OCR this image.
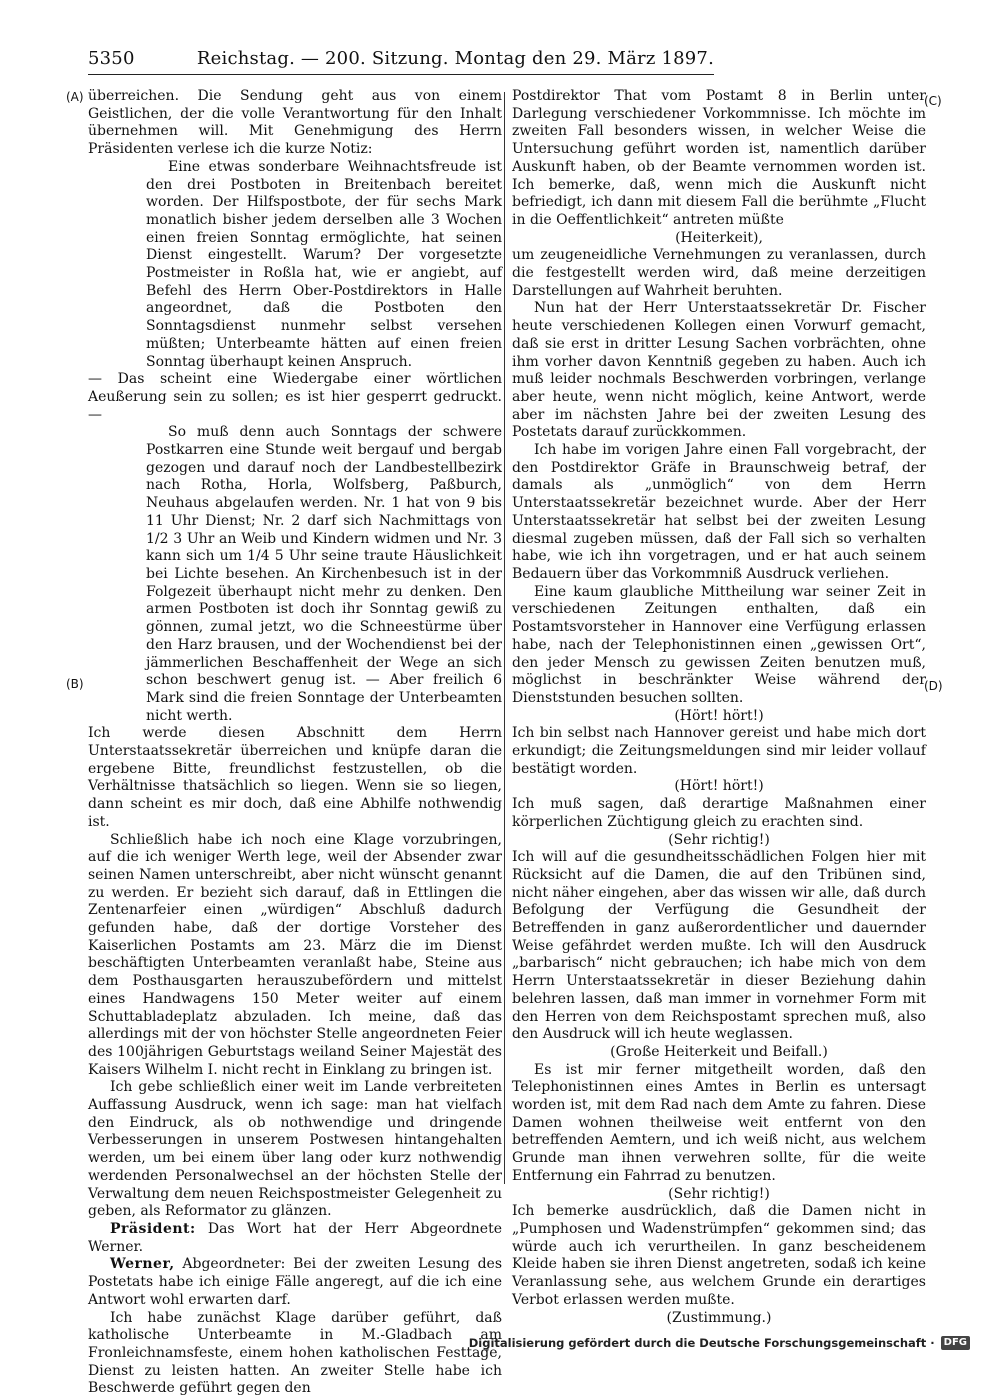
5350	Reichstag. — 200. Sitzung. Montag den 29. März 1897.
(A)
(B)
(C)
(D)

überreichen. Die Sendung geht aus von einem Geistlichen, der die volle Verantwortung für den Inhalt übernehmen will. Mit Genehmigung des Herrn Präsidenten verlese ich die kurze Notiz:

Eine etwas sonderbare Weihnachtsfreude ist den drei Postboten in Breitenbach bereitet worden. Der Hilfspostbote, der für sechs Mark monatlich bisher jedem derselben alle 3 Wochen einen freien Sonntag ermöglichte, hat seinen Dienst eingestellt. Warum? Der vorgesetzte Postmeister in Roßla hat, wie er angiebt, auf Befehl des Herrn Ober-Postdirektors in Halle angeordnet, daß die Postboten den Sonntagsdienst nunmehr selbst versehen müßten; Unterbeamte hätten auf einen freien Sonntag überhaupt keinen Anspruch.

— Das scheint eine Wiedergabe einer wörtlichen Aeußerung sein zu sollen; es ist hier gesperrt gedruckt. —

So muß denn auch Sonntags der schwere Postkarren eine Stunde weit bergauf und bergab gezogen und darauf noch der Landbestellbezirk nach Rotha, Horla, Wolfsberg, Paßburch, Neuhaus abgelaufen werden. Nr. 1 hat von 9 bis 11 Uhr Dienst; Nr. 2 darf sich Nachmittags von 1/2 3 Uhr an Weib und Kindern widmen und Nr. 3 kann sich um 1/4 5 Uhr seine traute Häuslichkeit bei Lichte besehen. An Kirchenbesuch ist in der Folgezeit überhaupt nicht mehr zu denken. Den armen Postboten ist doch ihr Sonntag gewiß zu gönnen, zumal jetzt, wo die Schneestürme über den Harz brausen, und der Wochendienst bei der jämmerlichen Beschaffenheit der Wege an sich schon beschwert genug ist. — Aber freilich 6 Mark sind die freien Sonntage der Unterbeamten nicht werth.

Ich werde diesen Abschnitt dem Herrn Unterstaatssekretär überreichen und knüpfe daran die ergebene Bitte, freundlichst festzustellen, ob die Verhältnisse thatsächlich so liegen. Wenn sie so liegen, dann scheint es mir doch, daß eine Abhilfe nothwendig ist.

Schließlich habe ich noch eine Klage vorzubringen, auf die ich weniger Werth lege, weil der Absender zwar seinen Namen unterschreibt, aber nicht wünscht genannt zu werden. Er bezieht sich darauf, daß in Ettlingen die Zentenarfeier einen „würdigen“ Abschluß dadurch gefunden habe, daß der dortige Vorsteher des Kaiserlichen Postamts am 23. März die im Dienst beschäftigten Unterbeamten veranlaßt habe, Steine aus dem Posthausgarten herauszubefördern und mittelst eines Handwagens 150 Meter weiter auf einem Schuttabladeplatz abzuladen. Ich meine, daß das allerdings mit der von höchster Stelle angeordneten Feier des 100jährigen Geburtstags weiland Seiner Majestät des Kaisers Wilhelm I. nicht recht in Einklang zu bringen ist.

Ich gebe schließlich einer weit im Lande verbreiteten Auffassung Ausdruck, wenn ich sage: man hat vielfach den Eindruck, als ob nothwendige und dringende Verbesserungen in unserem Postwesen hintangehalten werden, um bei einem über lang oder kurz nothwendig werdenden Personalwechsel an der höchsten Stelle der Verwaltung dem neuen Reichspostmeister Gelegenheit zu geben, als Reformator zu glänzen.

Präsident: Das Wort hat der Herr Abgeordnete Werner.

Werner, Abgeordneter: Bei der zweiten Lesung des Postetats habe ich einige Fälle angeregt, auf die ich eine Antwort wohl erwarten darf.

Ich habe zunächst Klage darüber geführt, daß katholische Unterbeamte in M.-Gladbach am Fronleichnamsfeste, einem hohen katholischen Festtage, Dienst zu leisten hatten. An zweiter Stelle habe ich Beschwerde geführt gegen den

Postdirektor That vom Postamt 8 in Berlin unter Darlegung verschiedener Vorkommnisse. Ich möchte im zweiten Fall besonders wissen, in welcher Weise die Untersuchung geführt worden ist, namentlich darüber Auskunft haben, ob der Beamte vernommen worden ist. Ich bemerke, daß, wenn mich die Auskunft nicht befriedigt, ich dann mit diesem Fall die berühmte „Flucht in die Oeffentlichkeit“ antreten müßte

(Heiterkeit),

um zeugeneidliche Vernehmungen zu veranlassen, durch die festgestellt werden wird, daß meine derzeitigen Darstellungen auf Wahrheit beruhten.

Nun hat der Herr Unterstaatssekretär Dr. Fischer heute verschiedenen Kollegen einen Vorwurf gemacht, daß sie erst in dritter Lesung Sachen vorbrächten, ohne ihm vorher davon Kenntniß gegeben zu haben. Auch ich muß leider nochmals Beschwerden vorbringen, verlange aber heute, wenn nicht möglich, keine Antwort, werde aber im nächsten Jahre bei der zweiten Lesung des Postetats darauf zurückkommen.

Ich habe im vorigen Jahre einen Fall vorgebracht, der den Postdirektor Gräfe in Braunschweig betraf, der damals als „unmöglich“ von dem Herrn Unterstaatssekretär bezeichnet wurde. Aber der Herr Unterstaatssekretär hat selbst bei der zweiten Lesung diesmal zugeben müssen, daß der Fall sich so verhalten habe, wie ich ihn vorgetragen, und er hat auch seinem Bedauern über das Vorkommniß Ausdruck verliehen.

Eine kaum glaubliche Mittheilung war seiner Zeit in verschiedenen Zeitungen enthalten, daß ein Postamtsvorsteher in Hannover eine Verfügung erlassen habe, nach der Telephonistinnen einen „gewissen Ort“, den jeder Mensch zu gewissen Zeiten benutzen muß, möglichst in beschränkter Weise während der Dienststunden besuchen sollten.

(Hört! hört!)

Ich bin selbst nach Hannover gereist und habe mich dort erkundigt; die Zeitungsmeldungen sind mir leider vollauf bestätigt worden.

(Hört! hört!)

Ich muß sagen, daß derartige Maßnahmen einer körperlichen Züchtigung gleich zu erachten sind.

(Sehr richtig!)

Ich will auf die gesundheitsschädlichen Folgen hier mit Rücksicht auf die Damen, die auf den Tribünen sind, nicht näher eingehen, aber das wissen wir alle, daß durch Befolgung der Verfügung die Gesundheit der Betreffenden in ganz außerordentlicher und dauernder Weise gefährdet werden mußte. Ich will den Ausdruck „barbarisch“ nicht gebrauchen; ich habe mich von dem Herrn Unterstaatssekretär in dieser Beziehung dahin belehren lassen, daß man immer in vornehmer Form mit den Herren von dem Reichspostamt sprechen muß, also den Ausdruck will ich heute weglassen.

(Große Heiterkeit und Beifall.)

Es ist mir ferner mitgetheilt worden, daß den Telephonistinnen eines Amtes in Berlin es untersagt worden ist, mit dem Rad nach dem Amte zu fahren. Diese Damen wohnen theilweise weit entfernt von den betreffenden Aemtern, und ich weiß nicht, aus welchem Grunde man ihnen verwehren sollte, für die weite Entfernung ein Fahrrad zu benutzen.

(Sehr richtig!)

Ich bemerke ausdrücklich, daß die Damen nicht in „Pumphosen und Wadenstrümpfen“ gekommen sind; das würde auch ich verurtheilen. In ganz bescheidenem Kleide haben sie ihren Dienst angetreten, sodaß ich keine Veranlassung sehe, aus welchem Grunde ein derartiges Verbot erlassen werden mußte.

(Zustimmung.)

Digitalisierung gefördert durch die Deutsche Forschungsgemeinschaft · DFG
